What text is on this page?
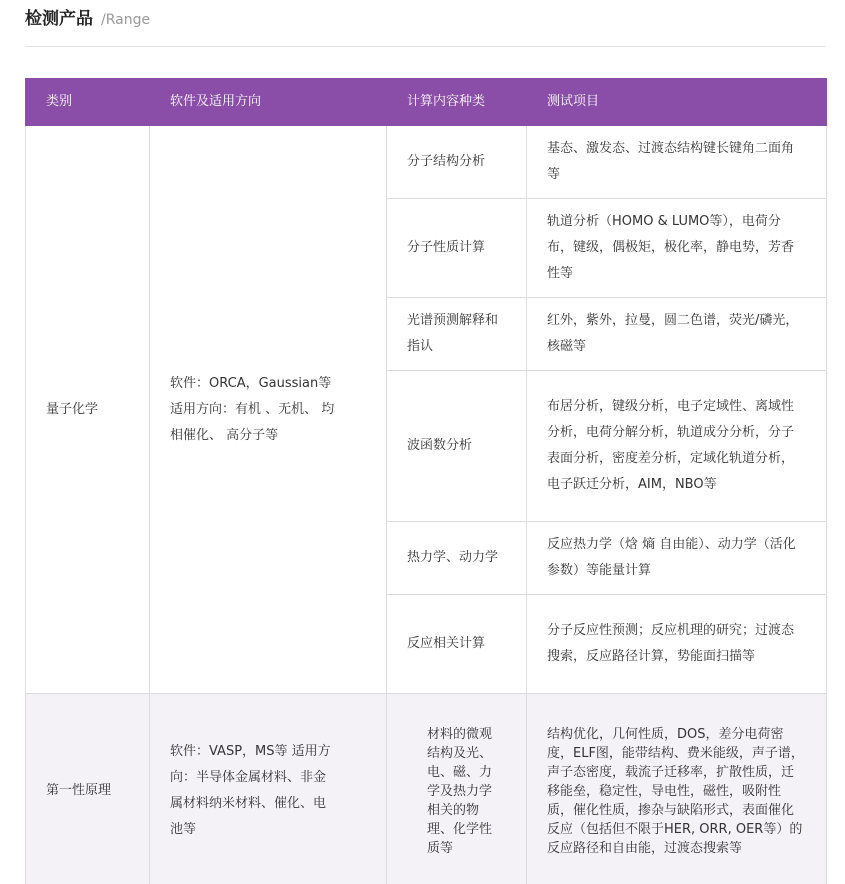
检测产品 /Range
类别	软件及适用方向	计算内容种类	测试项目
量子化学	软件：ORCA，Gaussian等
适用方向：有机 、无机、 均
相催化、 高分子等	分子结构分析	基态、激发态、过渡态结构键长键角二面角等
		分子性质计算	轨道分析（HOMO & LUMO等），电荷分布，键级，偶极矩，极化率，静电势，芳香性等
		光谱预测解释和指认	红外，紫外，拉曼，圆二色谱，荧光/磷光，核磁等
		波函数分析	布居分析，键级分析，电子定域性、离域性分析，电荷分解分析，轨道成分分析，分子表面分析，密度差分析，定域化轨道分析，电子跃迁分析，AIM，NBO等
		热力学、动力学	反应热力学（焓 熵 自由能）、动力学（活化参数）等能量计算
		反应相关计算	分子反应性预测；反应机理的研究；过渡态搜索，反应路径计算，势能面扫描等
第一性原理	软件：VASP，MS等 适用方
向：半导体金属材料、非金
属材料纳米材料、催化、电
池等	材料的微观结构及光、电、磁、力学及热力学相关的物理、化学性质等	结构优化，几何性质，DOS，差分电荷密度，ELF图，能带结构、费米能级，声子谱，声子态密度，载流子迁移率，扩散性质，迁移能垒，稳定性，导电性，磁性，吸附性质，催化性质，掺杂与缺陷形式，表面催化反应（包括但不限于HER, ORR, OER等）的反应路径和自由能，过渡态搜索等
